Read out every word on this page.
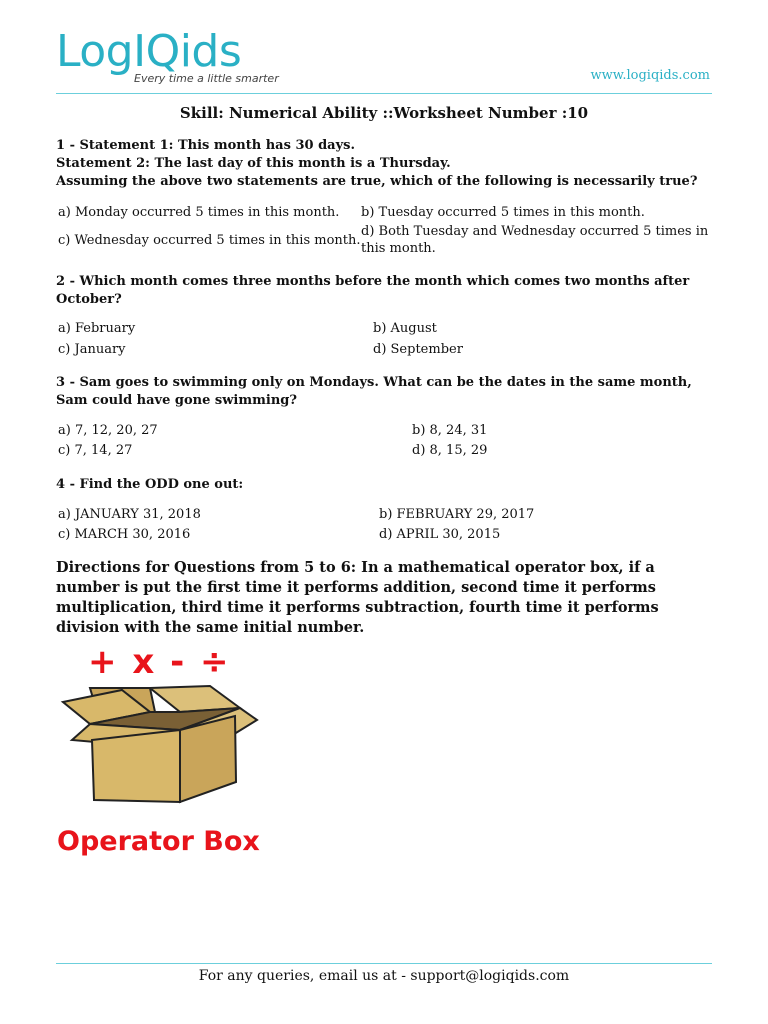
LogIQids
Every time a little smarter	www.logiqids.com
Skill: Numerical Ability ::Worksheet Number :10
1 - Statement 1: This month has 30 days.
Statement 2: The last day of this month is a Thursday.
Assuming the above two statements are true, which of the following is necessarily true?
a) Monday occurred 5 times in this month. b) Tuesday occurred 5 times in this month.
c) Wednesday occurred 5 times in this month.
d) Both Tuesday and Wednesday occurred 5 times in this month.
2 - Which month comes three months before the month which comes two months after October?
a) February	b) August
c) January	d) September
3 - Sam goes to swimming only on Mondays. What can be the dates in the same month, Sam could have gone swimming?
a) 7, 12, 20, 27	b) 8, 24, 31
c) 7, 14, 27	d) 8, 15, 29
4 - Find the ODD one out:
a) JANUARY 31, 2018	b) FEBRUARY 29, 2017
c) MARCH 30, 2016	d) APRIL 30, 2015
Directions for Questions from 5 to 6: In a mathematical operator box, if a number is put the first time it performs addition, second time it performs multiplication, third time it performs subtraction, fourth time it performs division with the same initial number.
+ x - ÷
Operator Box
For any queries, email us at - support@logiqids.com
